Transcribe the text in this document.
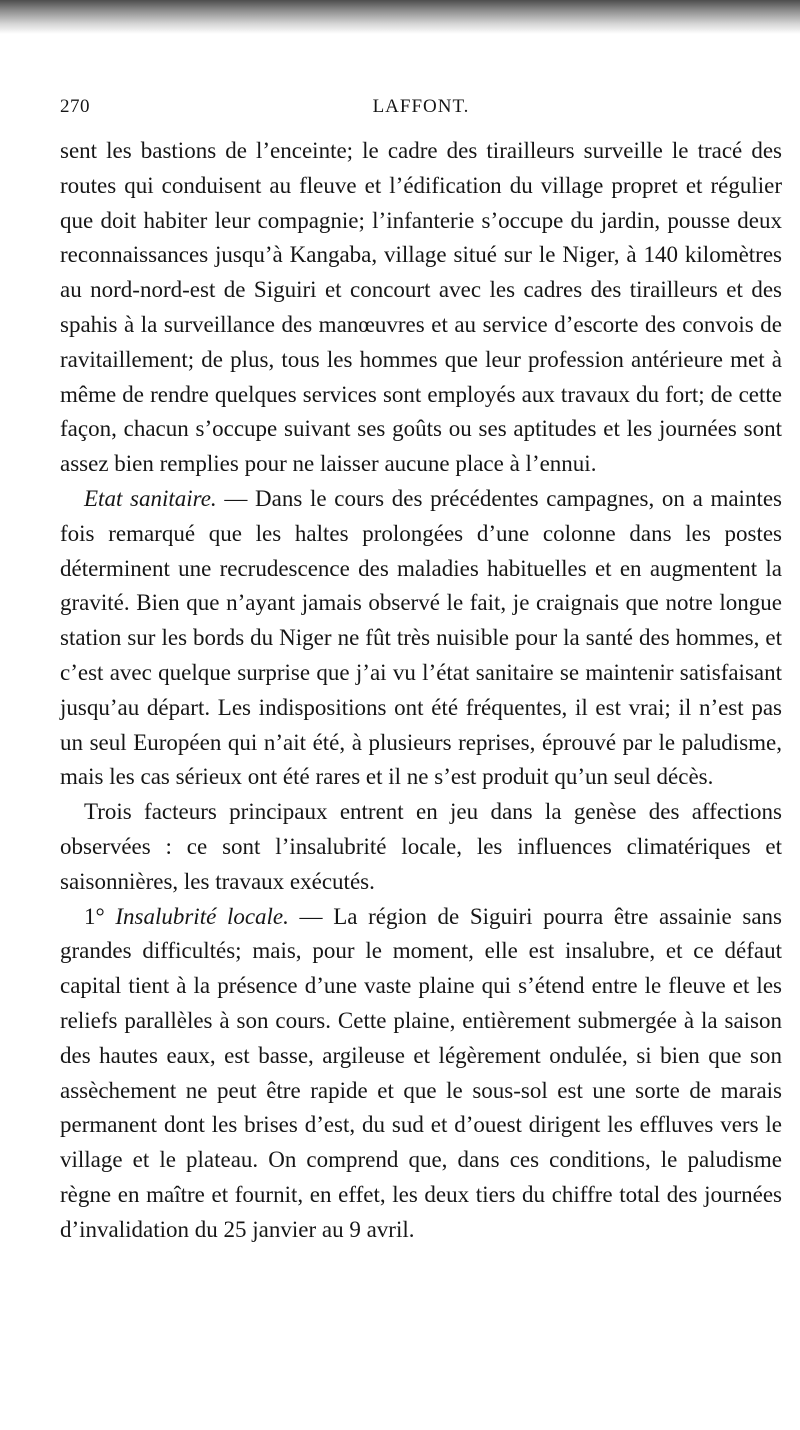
270	LAFFONT.

sent les bastions de l’enceinte; le cadre des tirailleurs surveille le tracé des routes qui conduisent au fleuve et l’édification du village propret et régulier que doit habiter leur compagnie; l’infanterie s’occupe du jardin, pousse deux reconnaissances jusqu’à Kangaba, village situé sur le Niger, à 140 kilomètres au nord-nord-est de Siguiri et concourt avec les cadres des tirailleurs et des spahis à la surveillance des manœuvres et au service d’escorte des convois de ravitaillement; de plus, tous les hommes que leur profession antérieure met à même de rendre quelques services sont employés aux travaux du fort; de cette façon, chacun s’occupe suivant ses goûts ou ses aptitudes et les journées sont assez bien remplies pour ne laisser aucune place à l’ennui.

Etat sanitaire. — Dans le cours des précédentes campagnes, on a maintes fois remarqué que les haltes prolongées d’une colonne dans les postes déterminent une recrudescence des maladies habituelles et en augmentent la gravité. Bien que n’ayant jamais observé le fait, je craignais que notre longue station sur les bords du Niger ne fût très nuisible pour la santé des hommes, et c’est avec quelque surprise que j’ai vu l’état sanitaire se maintenir satisfaisant jusqu’au départ. Les indispositions ont été fréquentes, il est vrai; il n’est pas un seul Européen qui n’ait été, à plusieurs reprises, éprouvé par le paludisme, mais les cas sérieux ont été rares et il ne s’est produit qu’un seul décès.

Trois facteurs principaux entrent en jeu dans la genèse des affections observées : ce sont l’insalubrité locale, les influences climatériques et saisonnières, les travaux exécutés.

1° Insalubrité locale. — La région de Siguiri pourra être assainie sans grandes difficultés; mais, pour le moment, elle est insalubre, et ce défaut capital tient à la présence d’une vaste plaine qui s’étend entre le fleuve et les reliefs parallèles à son cours. Cette plaine, entièrement submergée à la saison des hautes eaux, est basse, argileuse et légèrement ondulée, si bien que son assèchement ne peut être rapide et que le sous-sol est une sorte de marais permanent dont les brises d’est, du sud et d’ouest dirigent les effluves vers le village et le plateau. On comprend que, dans ces conditions, le paludisme règne en maître et fournit, en effet, les deux tiers du chiffre total des journées d’invalidation du 25 janvier au 9 avril.
